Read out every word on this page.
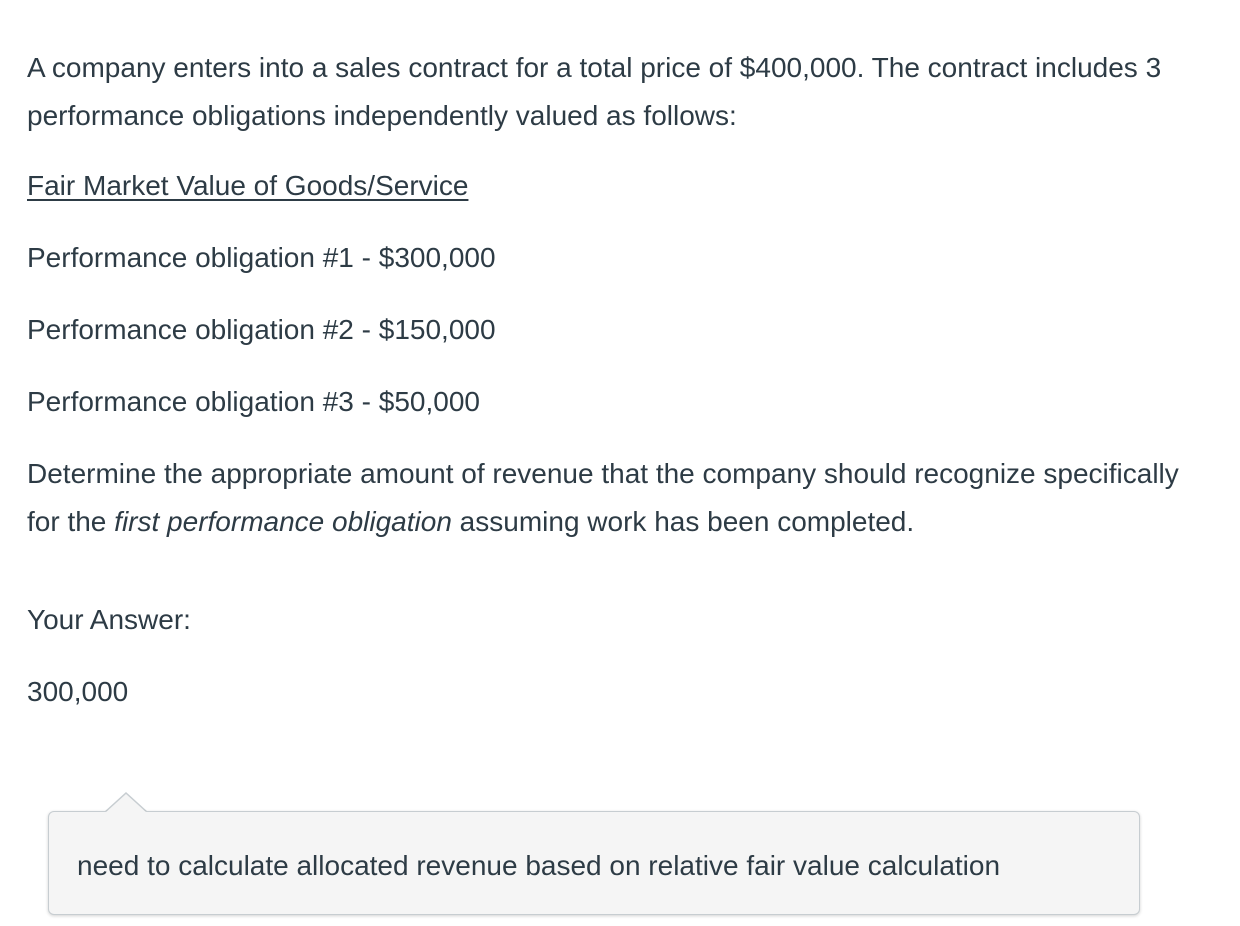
A company enters into a sales contract for a total price of $400,000. The contract includes 3 performance obligations independently valued as follows:

Fair Market Value of Goods/Service

Performance obligation #1 - $300,000

Performance obligation #2 - $150,000

Performance obligation #3 - $50,000

Determine the appropriate amount of revenue that the company should recognize specifically for the first performance obligation assuming work has been completed.

Your Answer:

300,000

need to calculate allocated revenue based on relative fair value calculation
